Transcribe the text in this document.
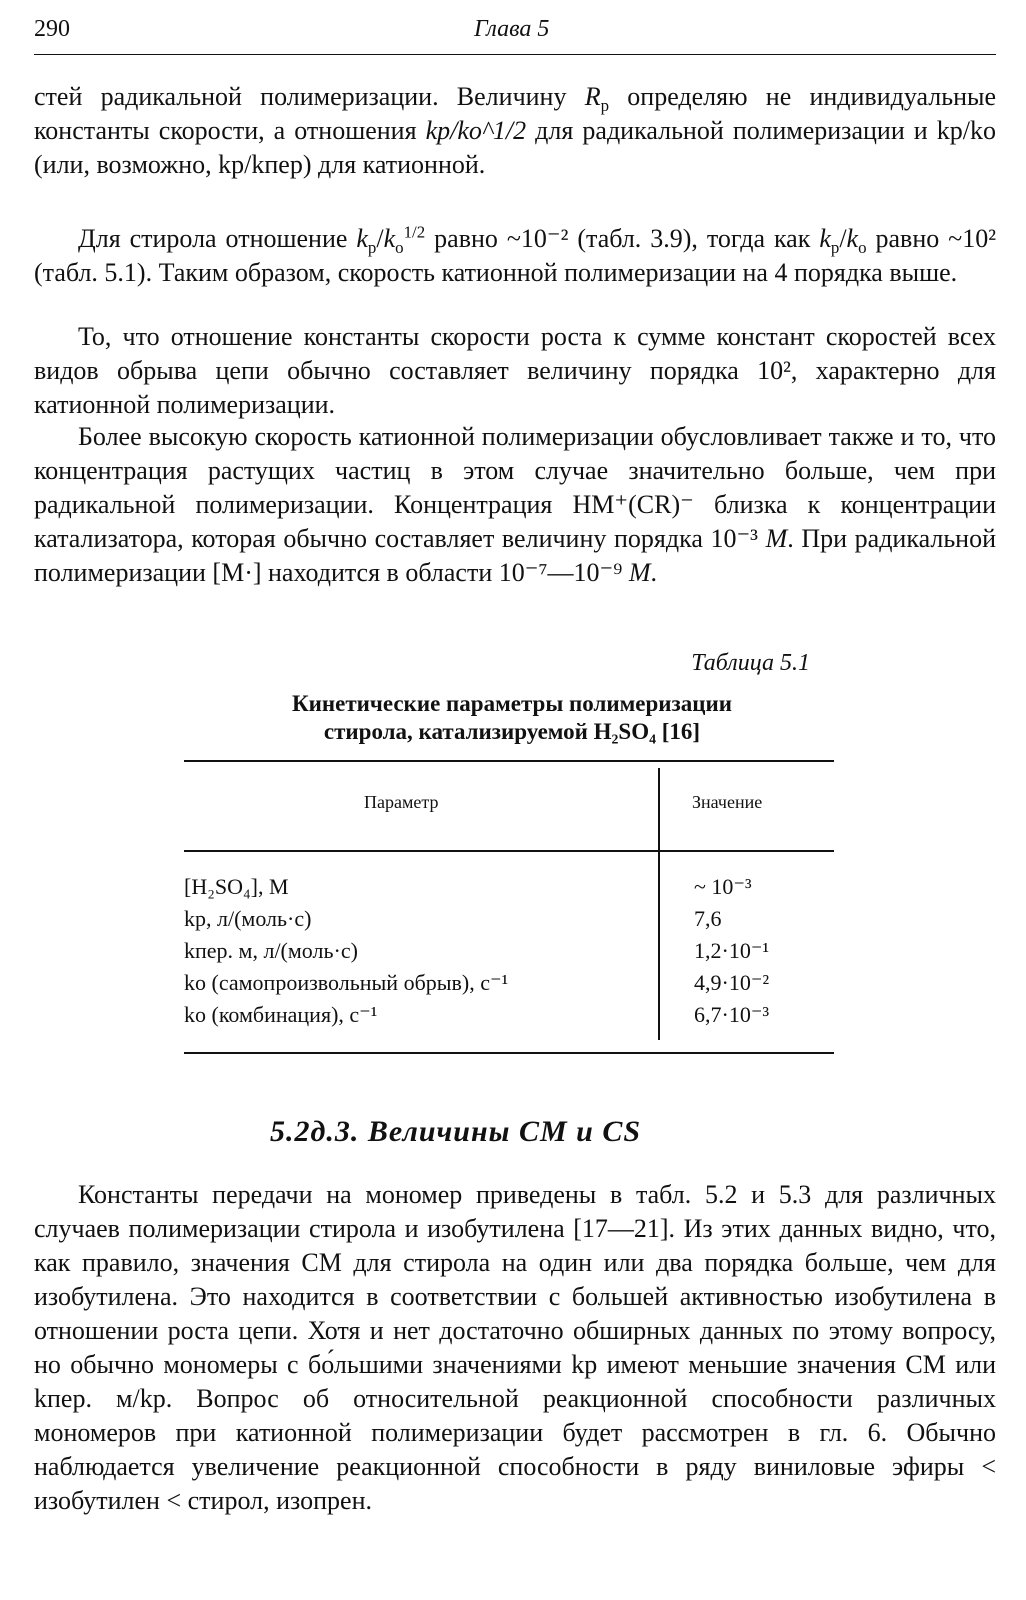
290	Глава 5

стей радикальной полимеризации. Величину $R_p$ определяю не индивидуальные константы скорости, а отношения kp/ko^1/2 для радикальной полимеризации и kp/ko (или, возможно, kp/kпер) для катионной.

Для стирола отношение $k_p/k_o^{1/2}$ равно ~10⁻² (табл. 3.9), тогда как $k_p/k_o$ равно ~10² (табл. 5.1). Таким образом, скорость катионной полимеризации на 4 порядка выше.

То, что отношение константы скорости роста к сумме констант скоростей всех видов обрыва цепи обычно составляет величину порядка 10², характерно для катионной полимеризации.

Более высокую скорость катионной полимеризации обусловливает также и то, что концентрация растущих частиц в этом случае значительно больше, чем при радикальной полимеризации. Концентрация HM⁺(CR)⁻ близка к концентрации катализатора, которая обычно составляет величину порядка 10⁻³ M. При радикальной полимеризации [M·] находится в области 10⁻⁷—10⁻⁹ M.

Таблица 5.1
Кинетические параметры полимеризации
стирола, катализируемой H₂SO₄ [16]
Параметр	Значение
[H₂SO₄], M	~ 10⁻³
kp, л/(моль·с)	7,6
kпер. м, л/(моль·с)	1,2·10⁻¹
ko (самопроизвольный обрыв), с⁻¹	4,9·10⁻²
ko (комбинация), с⁻¹	6,7·10⁻³
5.2д.3. Величины CM и CS

Константы передачи на мономер приведены в табл. 5.2 и 5.3 для различных случаев полимеризации стирола и изобутилена [17—21]. Из этих данных видно, что, как правило, значения CM для стирола на один или два порядка больше, чем для изобутилена. Это находится в соответствии с большей активностью изобутилена в отношении роста цепи. Хотя и нет достаточно обширных данных по этому вопросу, но обычно мономеры с бо́льшими значениями kp имеют меньшие значения CM или kпер. м/kp. Вопрос об относительной реакционной способности различных мономеров при катионной полимеризации будет рассмотрен в гл. 6. Обычно наблюдается увеличение реакционной способности в ряду виниловые эфиры < изобутилен < стирол, изопрен.
